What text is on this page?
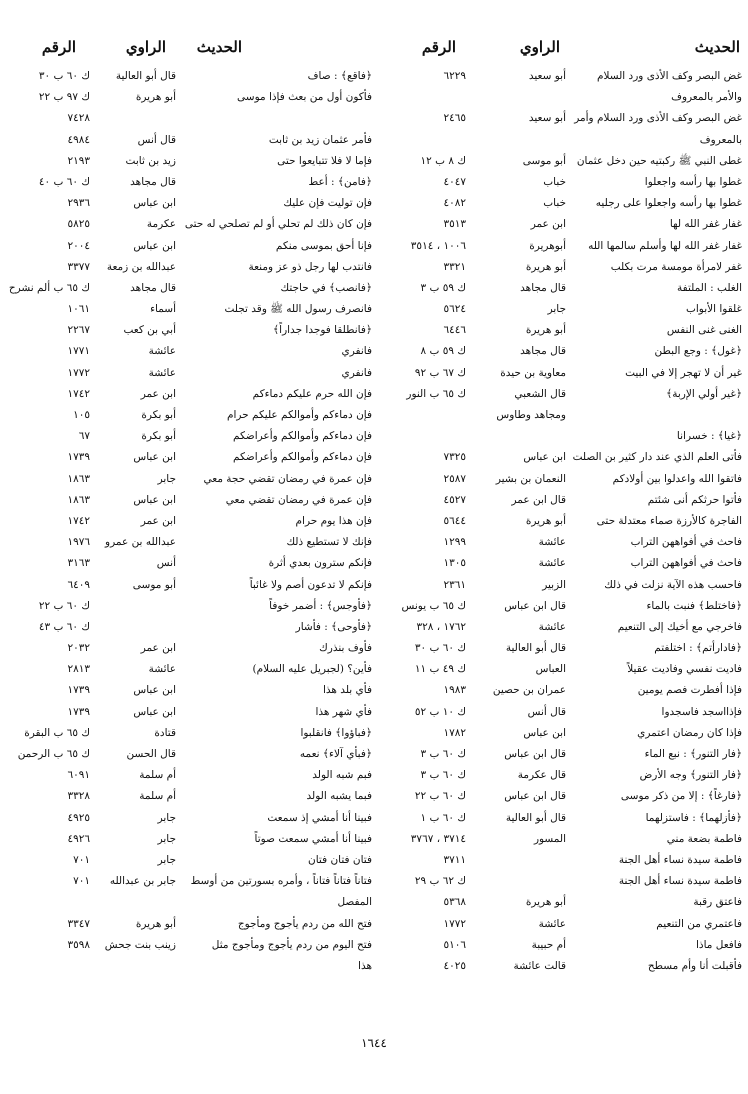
الحديث
الراوي
الرقم
غض البصر وكف الأذى ورد السلام
أبو سعيد
٦٢٢٩
والأمر بالمعروف
غض البصر وكف الأذى ورد السلام وأمر
أبو سعيد
٢٤٦٥
بالمعروف
غطى النبي ﷺ ركبتيه حين دخل عثمان
أبو موسى
ك ٨ ب ١٢
غطوا بها رأسه واجعلوا
خباب
٤٠٤٧
غطوا بها رأسه واجعلوا على رجليه
خباب
٤٠٨٢
غفار غفر الله لها
ابن عمر
٣٥١٣
غفار غفر الله لها وأسلم سالمها الله
أبوهريرة
١٠٠٦ ، ٣٥١٤
غفر لامرأة مومسة مرت بكلب
أبو هريرة
٣٣٢١
الغلب : الملتفة
قال مجاهد
ك ٥٩ ب ٣
غلقوا الأبواب
جابر
٥٦٢٤
الغنى غنى النفس
أبو هريرة
٦٤٤٦
﴿غول﴾ : وجع البطن
قال مجاهد
ك ٥٩ ب ٨
غير أن لا تهجر إلا في البيت
معاوية بن حيدة
ك ٦٧ ب ٩٢
﴿غير أولي الإربة﴾
قال الشعبي
ك ٦٥ ب النور
ومجاهد وطاوس
﴿غيا﴾ : خسرانا
فأتى العلم الذي عند دار كثير بن الصلت
ابن عباس
٧٣٢٥
فاتقوا الله واعدلوا بين أولادكم
النعمان بن بشير
٢٥٨٧
فأتوا حرثكم أنى شئتم
قال ابن عمر
٤٥٢٧
الفاجرة كالأرزة صماء معتدلة حتى
أبو هريرة
٥٦٤٤
فاحث في أفواههن التراب
عائشة
١٢٩٩
فاحث في أفواههن التراب
عائشة
١٣٠٥
فاحسب هذه الآية نزلت في ذلك
الزبير
٢٣٦١
﴿فاختلط﴾ فنبت بالماء
قال ابن عباس
ك ٦٥ ب يونس
فاخرجي مع أخيك إلى التنعيم
عائشة
١٧٦٢ ، ٣٢٨
﴿فادارأتم﴾ : اختلفتم
قال أبو العالية
ك ٦٠ ب ٣٠
فاديت نفسي وفاديت عقيلاً
العباس
ك ٤٩ ب ١١
فإذا أفطرت فصم يومين
عمران بن حصين
١٩٨٣
فإذااسجد فاسجدوا
قال أنس
ك ١٠ ب ٥٢
فإذا كان رمضان اعتمري
ابن عباس
١٧٨٢
﴿فار التنور﴾ : نبع الماء
قال ابن عباس
ك ٦٠ ب ٣
﴿فار التنور﴾ وجه الأرض
قال عكرمة
ك ٦٠ ب ٣
﴿فارغاً﴾ : إلا من ذكر موسى
قال ابن عباس
ك ٦٠ ب ٢٢
﴿فأزلهما﴾ : فاستزلهما
قال أبو العالية
ك ٦٠ ب ١
فاطمة بضعة مني
المسور
٣٧١٤ ، ٣٧٦٧
فاطمة سيدة نساء أهل الجنة
٣٧١١
فاطمة سيدة نساء أهل الجنة
ك ٦٢ ب ٢٩
فاعتق رقبة
أبو هريرة
٥٣٦٨
فاعتمري من التنعيم
عائشة
١٧٧٢
فافعل ماذا
أم حبيبة
٥١٠٦
فأقبلت أنا وأم مسطح
قالت عائشة
٤٠٢٥
الحديث
الراوي
الرقم
﴿فاقع﴾ : صاف
قال أبو العالية
ك ٦٠ ب ٣٠
فأكون أول من بعث فإذا موسى
أبو هريرة
ك ٩٧ ب ٢٢
٧٤٢٨
فأمر عثمان زيد بن ثابت
قال أنس
٤٩٨٤
فإما لا فلا تتبايعوا حتى
زيد بن ثابت
٢١٩٣
﴿فامن﴾ : أعط
قال مجاهد
ك ٦٠ ب ٤٠
فإن توليت فإن عليك
ابن عباس
٢٩٣٦
فإن كان ذلك لم تحلي أو لم تصلحي له حتى
عكرمة
٥٨٢٥
فإنا أحق بموسى منكم
ابن عباس
٢٠٠٤
فانتدب لها رجل ذو عز ومنعة
عبدالله بن زمعة
٣٣٧٧
﴿فانصب﴾ في حاجتك
قال مجاهد
ك ٦٥ ب ألم نشرح
فانصرف رسول الله ﷺ وقد تجلت
أسماء
١٠٦١
﴿فانطلقا فوجدا جداراً﴾
أبي بن كعب
٢٢٦٧
فانفري
عائشة
١٧٧١
فانفري
عائشة
١٧٧٢
فإن الله حرم عليكم دماءكم
ابن عمر
١٧٤٢
فإن دماءكم وأموالكم عليكم حرام
أبو بكرة
١٠٥
فإن دماءكم وأموالكم وأعراضكم
أبو بكرة
٦٧
فإن دماءكم وأموالكم وأعراضكم
ابن عباس
١٧٣٩
فإن عمرة في رمضان تقضي حجة معي
جابر
١٨٦٣
فإن عمرة في رمضان تقضي معي
ابن عباس
١٨٦٣
فإن هذا يوم حرام
ابن عمر
١٧٤٢
فإنك لا تستطيع ذلك
عبدالله بن عمرو
١٩٧٦
فإنكم سترون بعدي أثرة
أنس
٣١٦٣
فإنكم لا تدعون أصم ولا غائباً
أبو موسى
٦٤٠٩
﴿فأوجس﴾ : أضمر خوفاً
ك ٦٠ ب ٢٢
﴿فأوحى﴾ : فأشار
ك ٦٠ ب ٤٣
فأوف بنذرك
ابن عمر
٢٠٣٢
فأين؟ (لجبريل عليه السلام)
عائشة
٢٨١٣
فأي بلد هذا
ابن عباس
١٧٣٩
فأي شهر هذا
ابن عباس
١٧٣٩
﴿فباؤوا﴾ فانقلبوا
قتادة
ك ٦٥ ب البقرة
﴿فبأي آلاء﴾ نعمه
قال الحسن
ك ٦٥ ب الرحمن
فبم شبه الولد
أم سلمة
٦٠٩١
فبما يشبه الولد
أم سلمة
٣٣٢٨
فبينا أنا أمشي إذ سمعت
جابر
٤٩٢٥
فبينا أنا أمشي سمعت صوتاً
جابر
٤٩٢٦
فتان فتان فتان
جابر
٧٠١
فتاناً فتاناً فتاناً ، وأمره بسورتين من أوسط
جابر بن عبدالله
٧٠١
المفصل
فتح الله من ردم يأجوج ومأجوج
أبو هريرة
٣٣٤٧
فتح اليوم من ردم يأجوج ومأجوج مثل
زينب بنت جحش
٣٥٩٨
هذا
١٦٤٤
